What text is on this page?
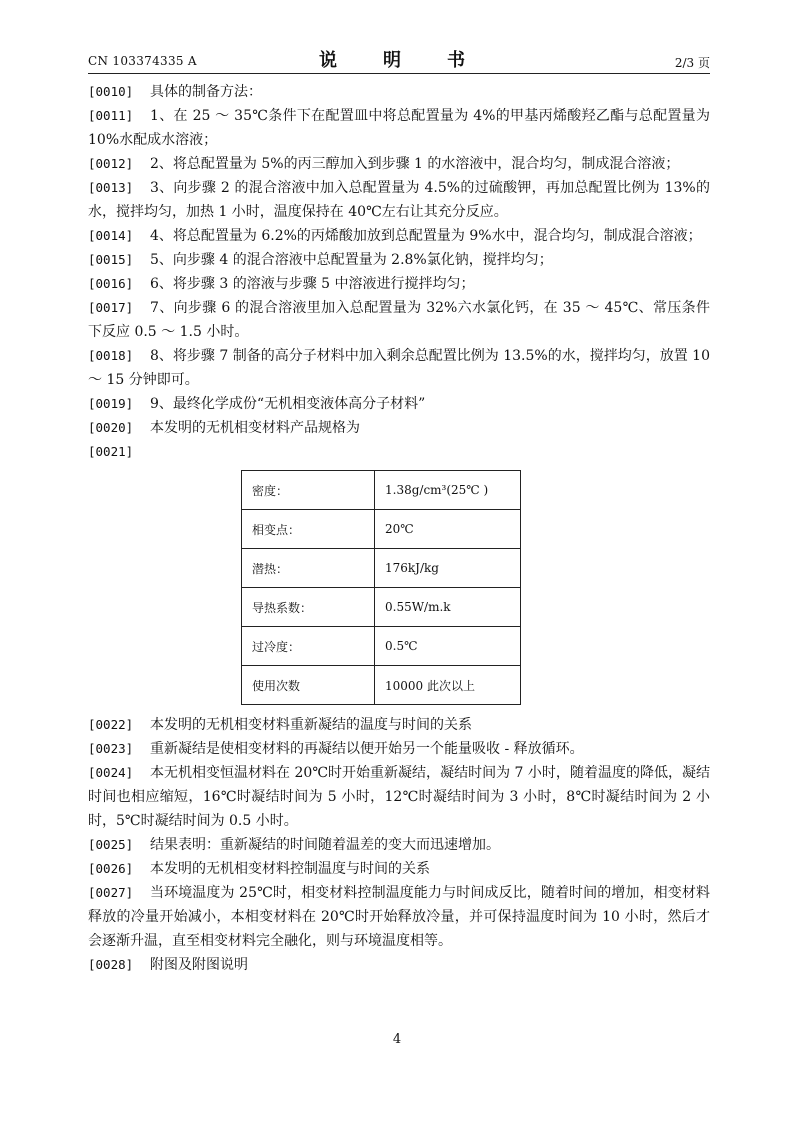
CN 103374335 A	说　明　书	2/3 页
[0010]	具体的制备方法：
[0011]	1、在 25 ～ 35℃条件下在配置皿中将总配置量为 4%的甲基丙烯酸羟乙酯与总配置量为 10%水配成水溶液；
[0012]	2、将总配置量为 5%的丙三醇加入到步骤 1 的水溶液中，混合均匀，制成混合溶液；
[0013]	3、向步骤 2 的混合溶液中加入总配置量为 4.5%的过硫酸钾，再加总配置比例为 13%的水，搅拌均匀，加热 1 小时，温度保持在 40℃左右让其充分反应。
[0014]	4、将总配置量为 6.2%的丙烯酸加放到总配置量为 9%水中，混合均匀，制成混合溶液；
[0015]	5、向步骤 4 的混合溶液中总配置量为 2.8%氯化钠，搅拌均匀；
[0016]	6、将步骤 3 的溶液与步骤 5 中溶液进行搅拌均匀；
[0017]	7、向步骤 6 的混合溶液里加入总配置量为 32%六水氯化钙，在 35 ～ 45℃、常压条件下反应 0.5 ～ 1.5 小时。
[0018]	8、将步骤 7 制备的高分子材料中加入剩余总配置比例为 13.5%的水，搅拌均匀，放置 10 ～ 15 分钟即可。
[0019]	9、最终化学成份“无机相变液体高分子材料”
[0020]	本发明的无机相变材料产品规格为
[0021]
密度：	1.38g/cm³(25℃ )
相变点：	20℃
潜热：	176kJ/kg
导热系数：	0.55W/m.k
过冷度：	0.5℃
使用次数	10000 此次以上
[0022]	本发明的无机相变材料重新凝结的温度与时间的关系
[0023]	重新凝结是使相变材料的再凝结以便开始另一个能量吸收 - 释放循环。
[0024]	本无机相变恒温材料在 20℃时开始重新凝结，凝结时间为 7 小时，随着温度的降低，凝结时间也相应缩短，16℃时凝结时间为 5 小时，12℃时凝结时间为 3 小时，8℃时凝结时间为 2 小时，5℃时凝结时间为 0.5 小时。
[0025]	结果表明：重新凝结的时间随着温差的变大而迅速增加。
[0026]	本发明的无机相变材料控制温度与时间的关系
[0027]	当环境温度为 25℃时，相变材料控制温度能力与时间成反比，随着时间的增加，相变材料释放的冷量开始减小，本相变材料在 20℃时开始释放冷量，并可保持温度时间为 10 小时，然后才会逐渐升温，直至相变材料完全融化，则与环境温度相等。
[0028]	附图及附图说明
4
